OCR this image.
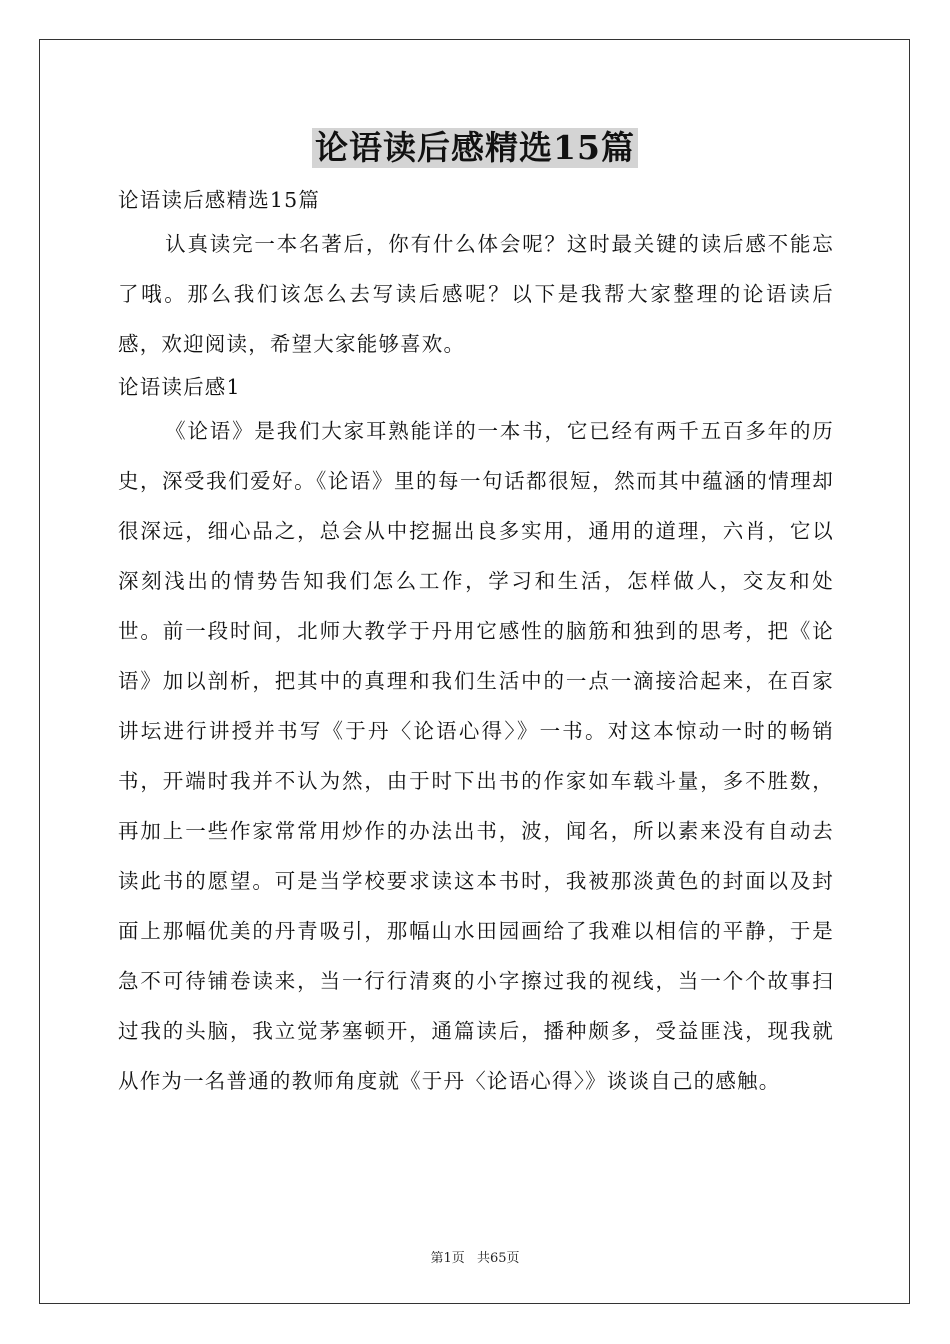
论语读后感精选15篇

论语读后感精选15篇

认真读完一本名著后，你有什么体会呢？这时最关键的读后感不能忘了哦。那么我们该怎么去写读后感呢？以下是我帮大家整理的论语读后感，欢迎阅读，希望大家能够喜欢。

论语读后感1

《论语》是我们大家耳熟能详的一本书，它已经有两千五百多年的历史，深受我们爱好。《论语》里的每一句话都很短，然而其中蕴涵的情理却很深远，细心品之，总会从中挖掘出良多实用，通用的道理，六肖，它以深刻浅出的情势告知我们怎么工作，学习和生活，怎样做人，交友和处世。前一段时间，北师大教学于丹用它感性的脑筋和独到的思考，把《论语》加以剖析，把其中的真理和我们生活中的一点一滴接洽起来，在百家讲坛进行讲授并书写《于丹〈论语心得〉》一书。对这本惊动一时的畅销书，开端时我并不认为然，由于时下出书的作家如车载斗量，多不胜数，再加上一些作家常常用炒作的办法出书，波，闻名，所以素来没有自动去读此书的愿望。可是当学校要求读这本书时，我被那淡黄色的封面以及封面上那幅优美的丹青吸引，那幅山水田园画给了我难以相信的平静，于是急不可待铺卷读来，当一行行清爽的小字擦过我的视线，当一个个故事扫过我的头脑，我立觉茅塞顿开，通篇读后，播种颇多，受益匪浅，现我就从作为一名普通的教师角度就《于丹〈论语心得〉》谈谈自己的感触。

第1页 共65页
